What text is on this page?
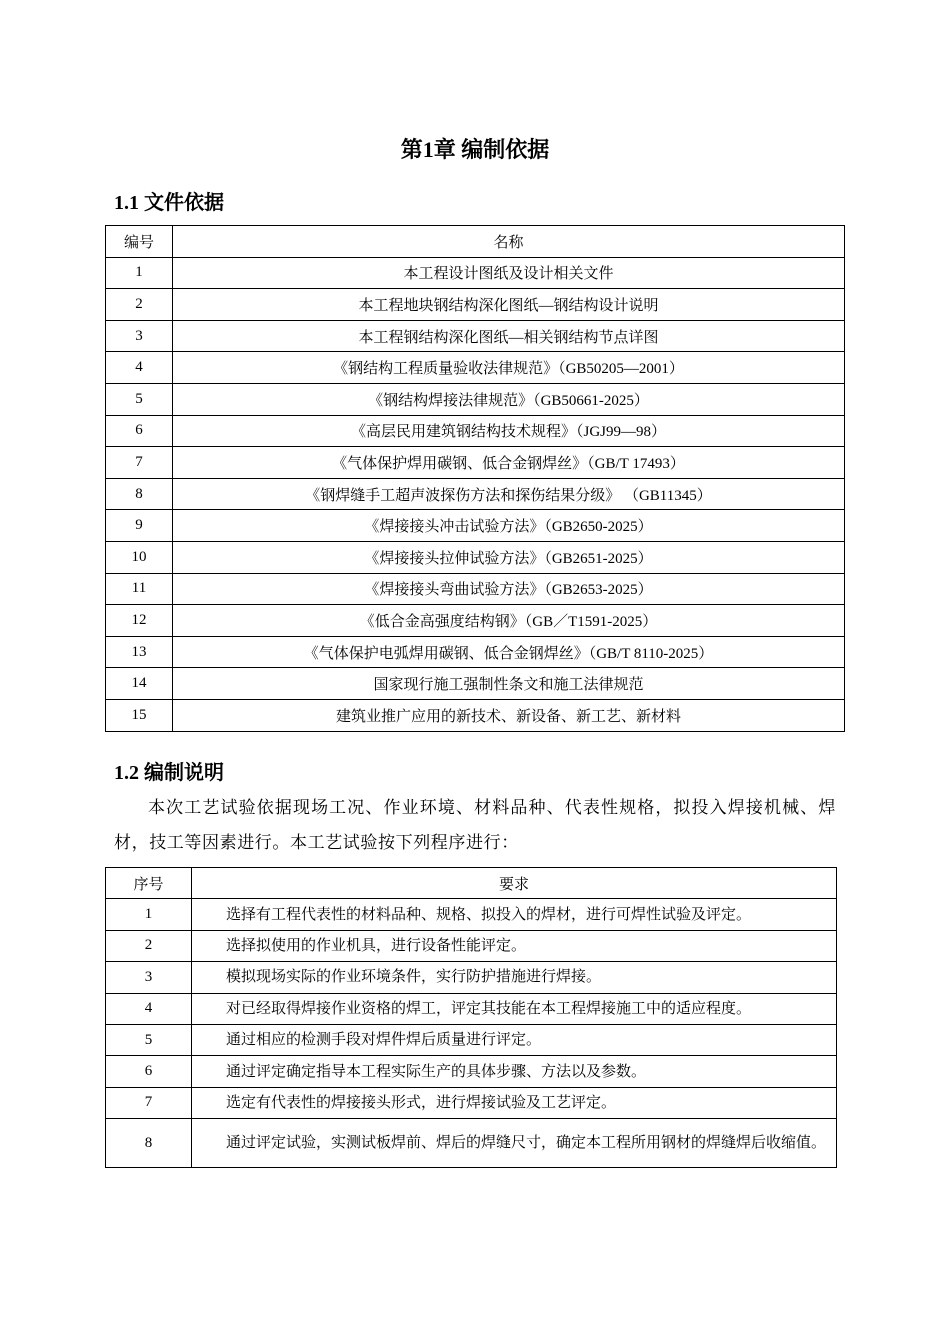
第1章 编制依据
1.1 文件依据
编号	名称
1	本工程设计图纸及设计相关文件
2	本工程地块钢结构深化图纸—钢结构设计说明
3	本工程钢结构深化图纸—相关钢结构节点详图
4	《钢结构工程质量验收法律规范》（GB50205—2001）
5	《钢结构焊接法律规范》（GB50661-2025）
6	《高层民用建筑钢结构技术规程》（JGJ99—98）
7	《气体保护焊用碳钢、低合金钢焊丝》（GB/T 17493）
8	《钢焊缝手工超声波探伤方法和探伤结果分级》 （GB11345）
9	《焊接接头冲击试验方法》（GB2650-2025）
10	《焊接接头拉伸试验方法》（GB2651-2025）
11	《焊接接头弯曲试验方法》（GB2653-2025）
12	《低合金高强度结构钢》（GB／T1591-2025）
13	《气体保护电弧焊用碳钢、低合金钢焊丝》（GB/T 8110-2025）
14	国家现行施工强制性条文和施工法律规范
15	建筑业推广应用的新技术、新设备、新工艺、新材料
1.2 编制说明
本次工艺试验依据现场工况、作业环境、材料品种、代表性规格，拟投入焊接机械、焊材，技工等因素进行。本工艺试验按下列程序进行：
序号	要求
1	选择有工程代表性的材料品种、规格、拟投入的焊材，进行可焊性试验及评定。
2	选择拟使用的作业机具，进行设备性能评定。
3	模拟现场实际的作业环境条件，实行防护措施进行焊接。
4	对已经取得焊接作业资格的焊工，评定其技能在本工程焊接施工中的适应程度。
5	通过相应的检测手段对焊件焊后质量进行评定。
6	通过评定确定指导本工程实际生产的具体步骤、方法以及参数。
7	选定有代表性的焊接接头形式，进行焊接试验及工艺评定。
8	通过评定试验，实测试板焊前、焊后的焊缝尺寸，确定本工程所用钢材的焊缝焊后收缩值。
